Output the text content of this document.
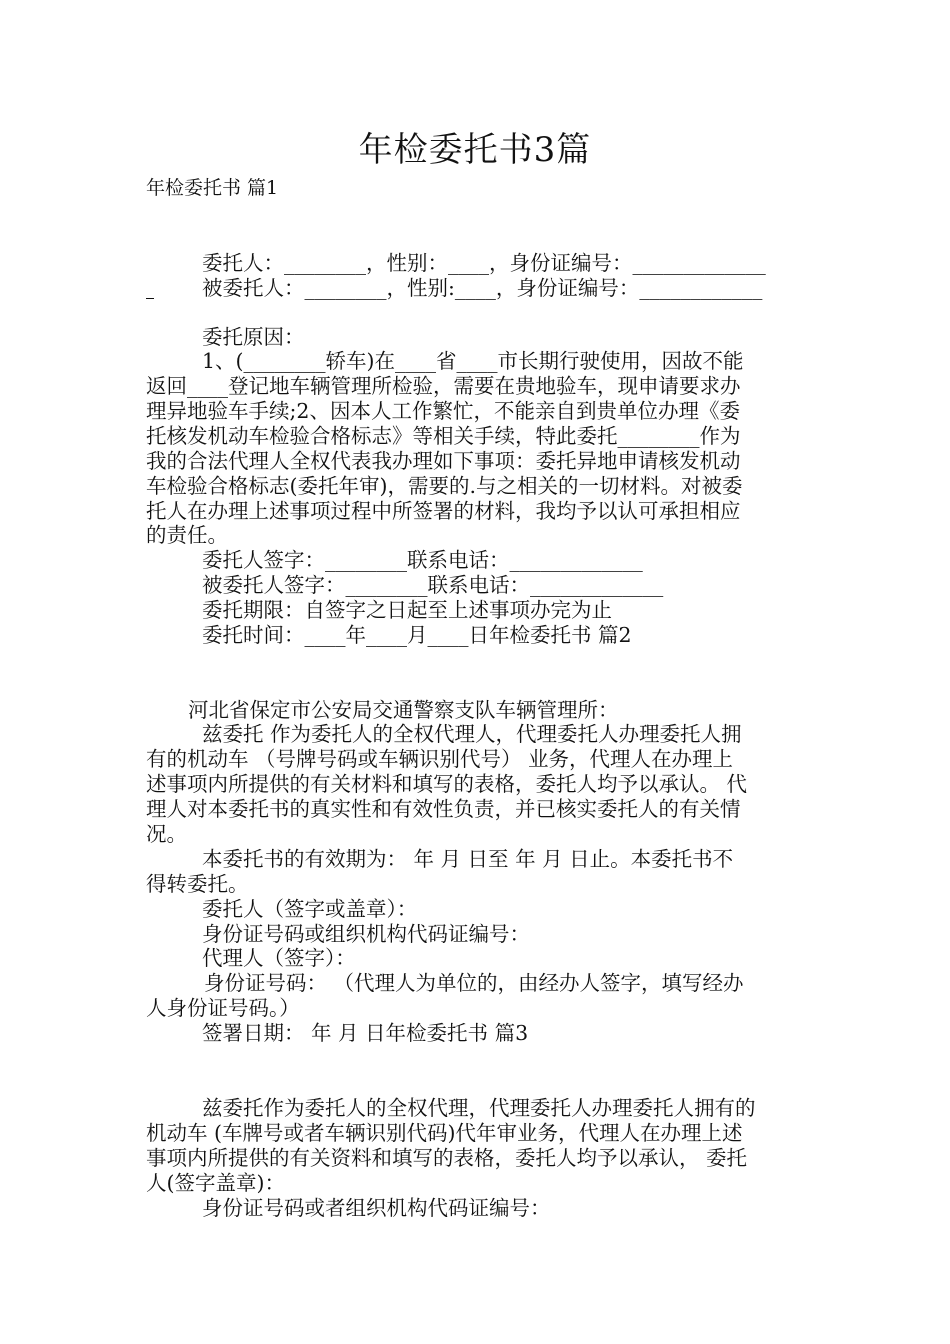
年检委托书3篇
年检委托书 篇1
委托人：________，性别：____，身份证编号：_____________
被委托人：________，性别:____，身份证编号：____________
委托原因：
1、(________轿车)在____省____市长期行驶使用，因故不能
返回____登记地车辆管理所检验，需要在贵地验车，现申请要求办
理异地验车手续;2、因本人工作繁忙，不能亲自到贵单位办理《委
托核发机动车检验合格标志》等相关手续，特此委托________作为
我的合法代理人全权代表我办理如下事项：委托异地申请核发机动
车检验合格标志(委托年审)，需要的.与之相关的一切材料。对被委
托人在办理上述事项过程中所签署的材料，我均予以认可承担相应
的责任。
委托人签字：________联系电话：_____________
被委托人签字：________联系电话：_____________
委托期限：自签字之日起至上述事项办完为止
委托时间：____年____月____日年检委托书 篇2
河北省保定市公安局交通警察支队车辆管理所：
兹委托 作为委托人的全权代理人，代理委托人办理委托人拥
有的机动车 （号牌号码或车辆识别代号） 业务，代理人在办理上
述事项内所提供的有关材料和填写的表格，委托人均予以承认。 代
理人对本委托书的真实性和有效性负责，并已核实委托人的有关情
况。
本委托书的有效期为： 年 月 日至 年 月 日止。本委托书不
得转委托。
委托人（签字或盖章）：
身份证号码或组织机构代码证编号：
代理人（签字）：
身份证号码： （代理人为单位的，由经办人签字，填写经办
人身份证号码。）
签署日期： 年 月 日年检委托书 篇3
兹委托作为委托人的全权代理，代理委托人办理委托人拥有的
机动车 (车牌号或者车辆识别代码)代年审业务，代理人在办理上述
事项内所提供的有关资料和填写的表格，委托人均予以承认， 委托
人(签字盖章)：
身份证号码或者组织机构代码证编号：
